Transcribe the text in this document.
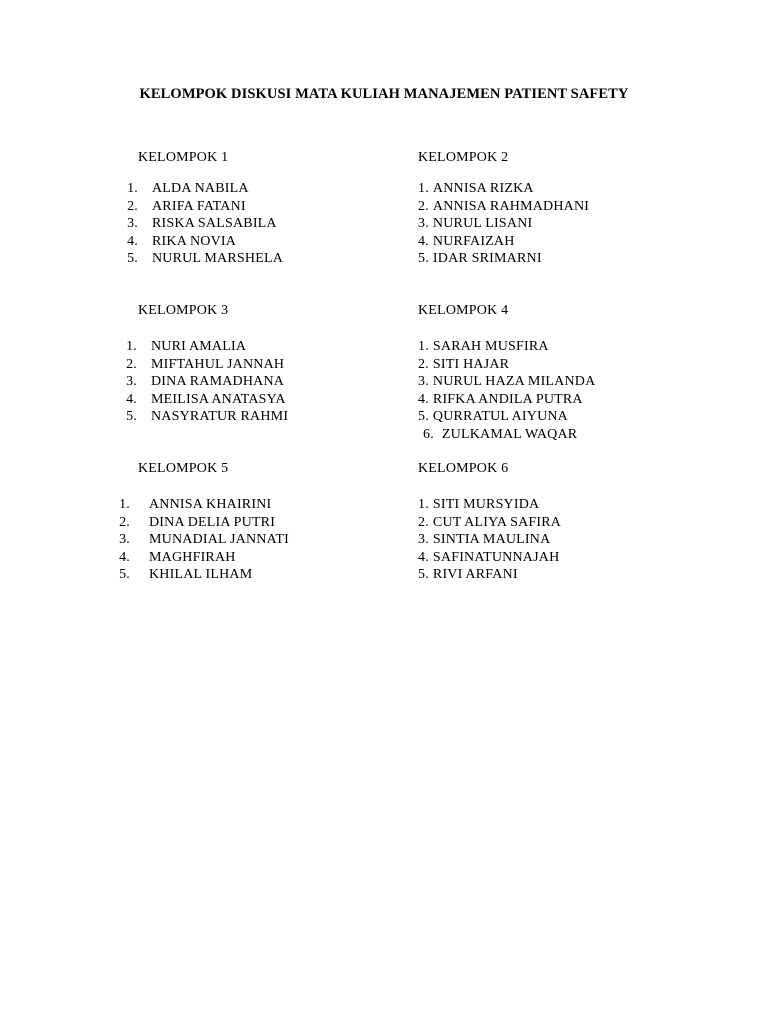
KELOMPOK DISKUSI MATA KULIAH MANAJEMEN PATIENT SAFETY
KELOMPOK 1
1. ALDA NABILA
2. ARIFA FATANI
3. RISKA SALSABILA
4. RIKA NOVIA
5. NURUL MARSHELA
KELOMPOK 2
1. ANNISA RIZKA
2. ANNISA RAHMADHANI
3. NURUL LISANI
4. NURFAIZAH
5. IDAR SRIMARNI
KELOMPOK 3
1. NURI AMALIA
2. MIFTAHUL JANNAH
3. DINA RAMADHANA
4. MEILISA ANATASYA
5. NASYRATUR RAHMI
KELOMPOK 4
1. SARAH MUSFIRA
2. SITI HAJAR
3. NURUL HAZA MILANDA
4. RIFKA ANDILA PUTRA
5. QURRATUL AIYUNA
6. ZULKAMAL WAQAR
KELOMPOK 5
1. ANNISA KHAIRINI
2. DINA DELIA PUTRI
3. MUNADIAL JANNATI
4. MAGHFIRAH
5. KHILAL ILHAM
KELOMPOK 6
1. SITI MURSYIDA
2. CUT ALIYA SAFIRA
3. SINTIA MAULINA
4. SAFINATUNNAJAH
5. RIVI ARFANI
